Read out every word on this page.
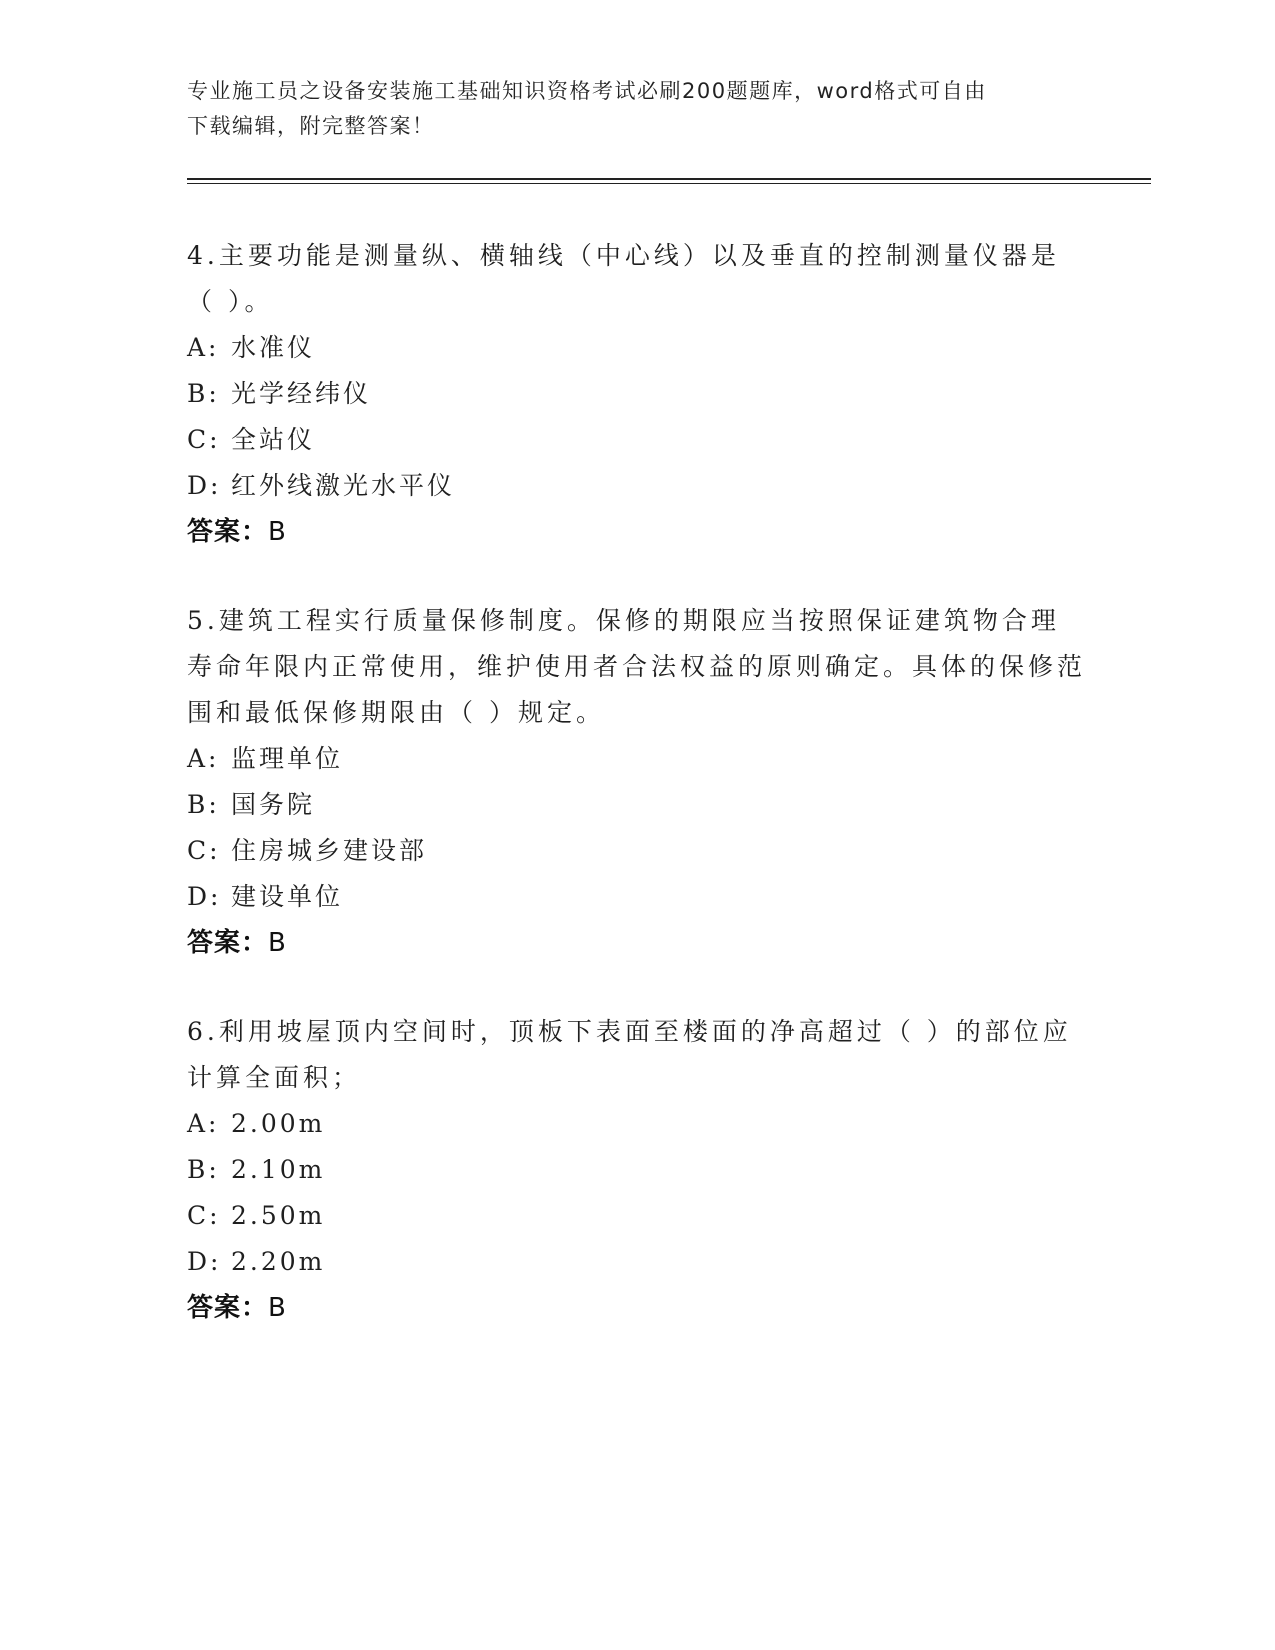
专业施工员之设备安装施工基础知识资格考试必刷200题题库，word格式可自由
下载编辑，附完整答案！

4.主要功能是测量纵、横轴线（中心线）以及垂直的控制测量仪器是（ ）。

A: 水准仪
B: 光学经纬仪
C: 全站仪
D: 红外线激光水平仪
答案：B

5.建筑工程实行质量保修制度。保修的期限应当按照保证建筑物合理寿命年限内正常使用，维护使用者合法权益的原则确定。具体的保修范围和最低保修期限由（ ）规定。

A: 监理单位
B: 国务院
C: 住房城乡建设部
D: 建设单位
答案：B

6.利用坡屋顶内空间时，顶板下表面至楼面的净高超过（ ）的部位应计算全面积；

A: 2.00m
B: 2.10m
C: 2.50m
D: 2.20m
答案：B
